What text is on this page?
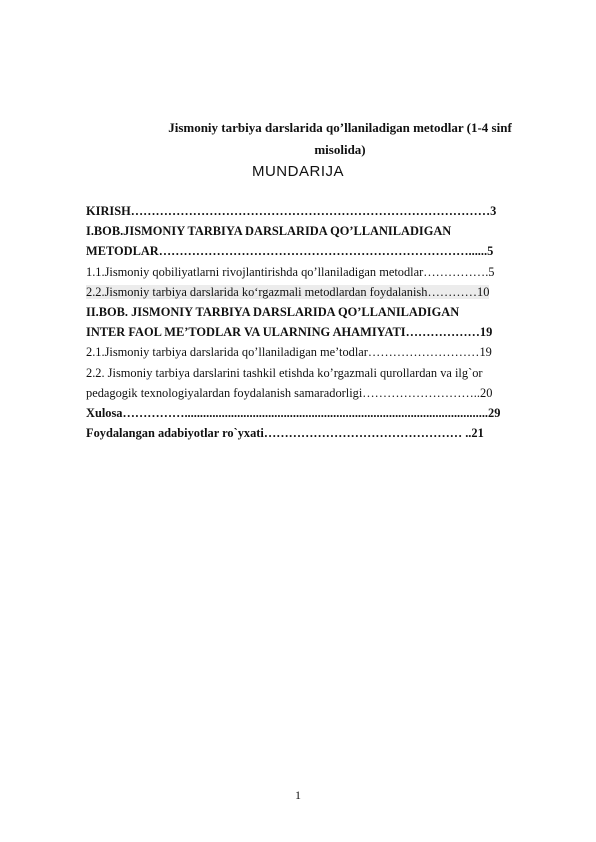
Jismoniy tarbiya darslarida qo’llaniladigan metodlar (1-4 sinf
misolida)
MUNDARIJA
KIRISH……………………………………………………………………………3
I.BOB.JISMONIY TARBIYA DARSLARIDA QO’LLANILADIGAN
METODLAR…………………………………………………………………......5
1.1.Jismoniy qobiliyatlarni rivojlantirishda qo’llaniladigan metodlar…………….5
2.2.Jismoniy tarbiya darslarida ko‘rgazmali metodlardan foydalanish…………10
II.BOB. JISMONIY TARBIYA DARSLARIDA QO’LLANILADIGAN
INTER FAOL ME’TODLAR VA ULARNING AHAMIYATI………………19
2.1.Jismoniy tarbiya darslarida qo’llaniladigan me’todlar………………………19
2.2. Jismoniy tarbiya darslarini tashkil etishda ko’rgazmali qurollardan va ilg`or
pedagogik texnologiyalardan foydalanish samaradorligi………………………..20
Xulosa……………..................................................................................................29
Foydalangan adabiyotlar ro`yxati………………………………………… ..21
1
